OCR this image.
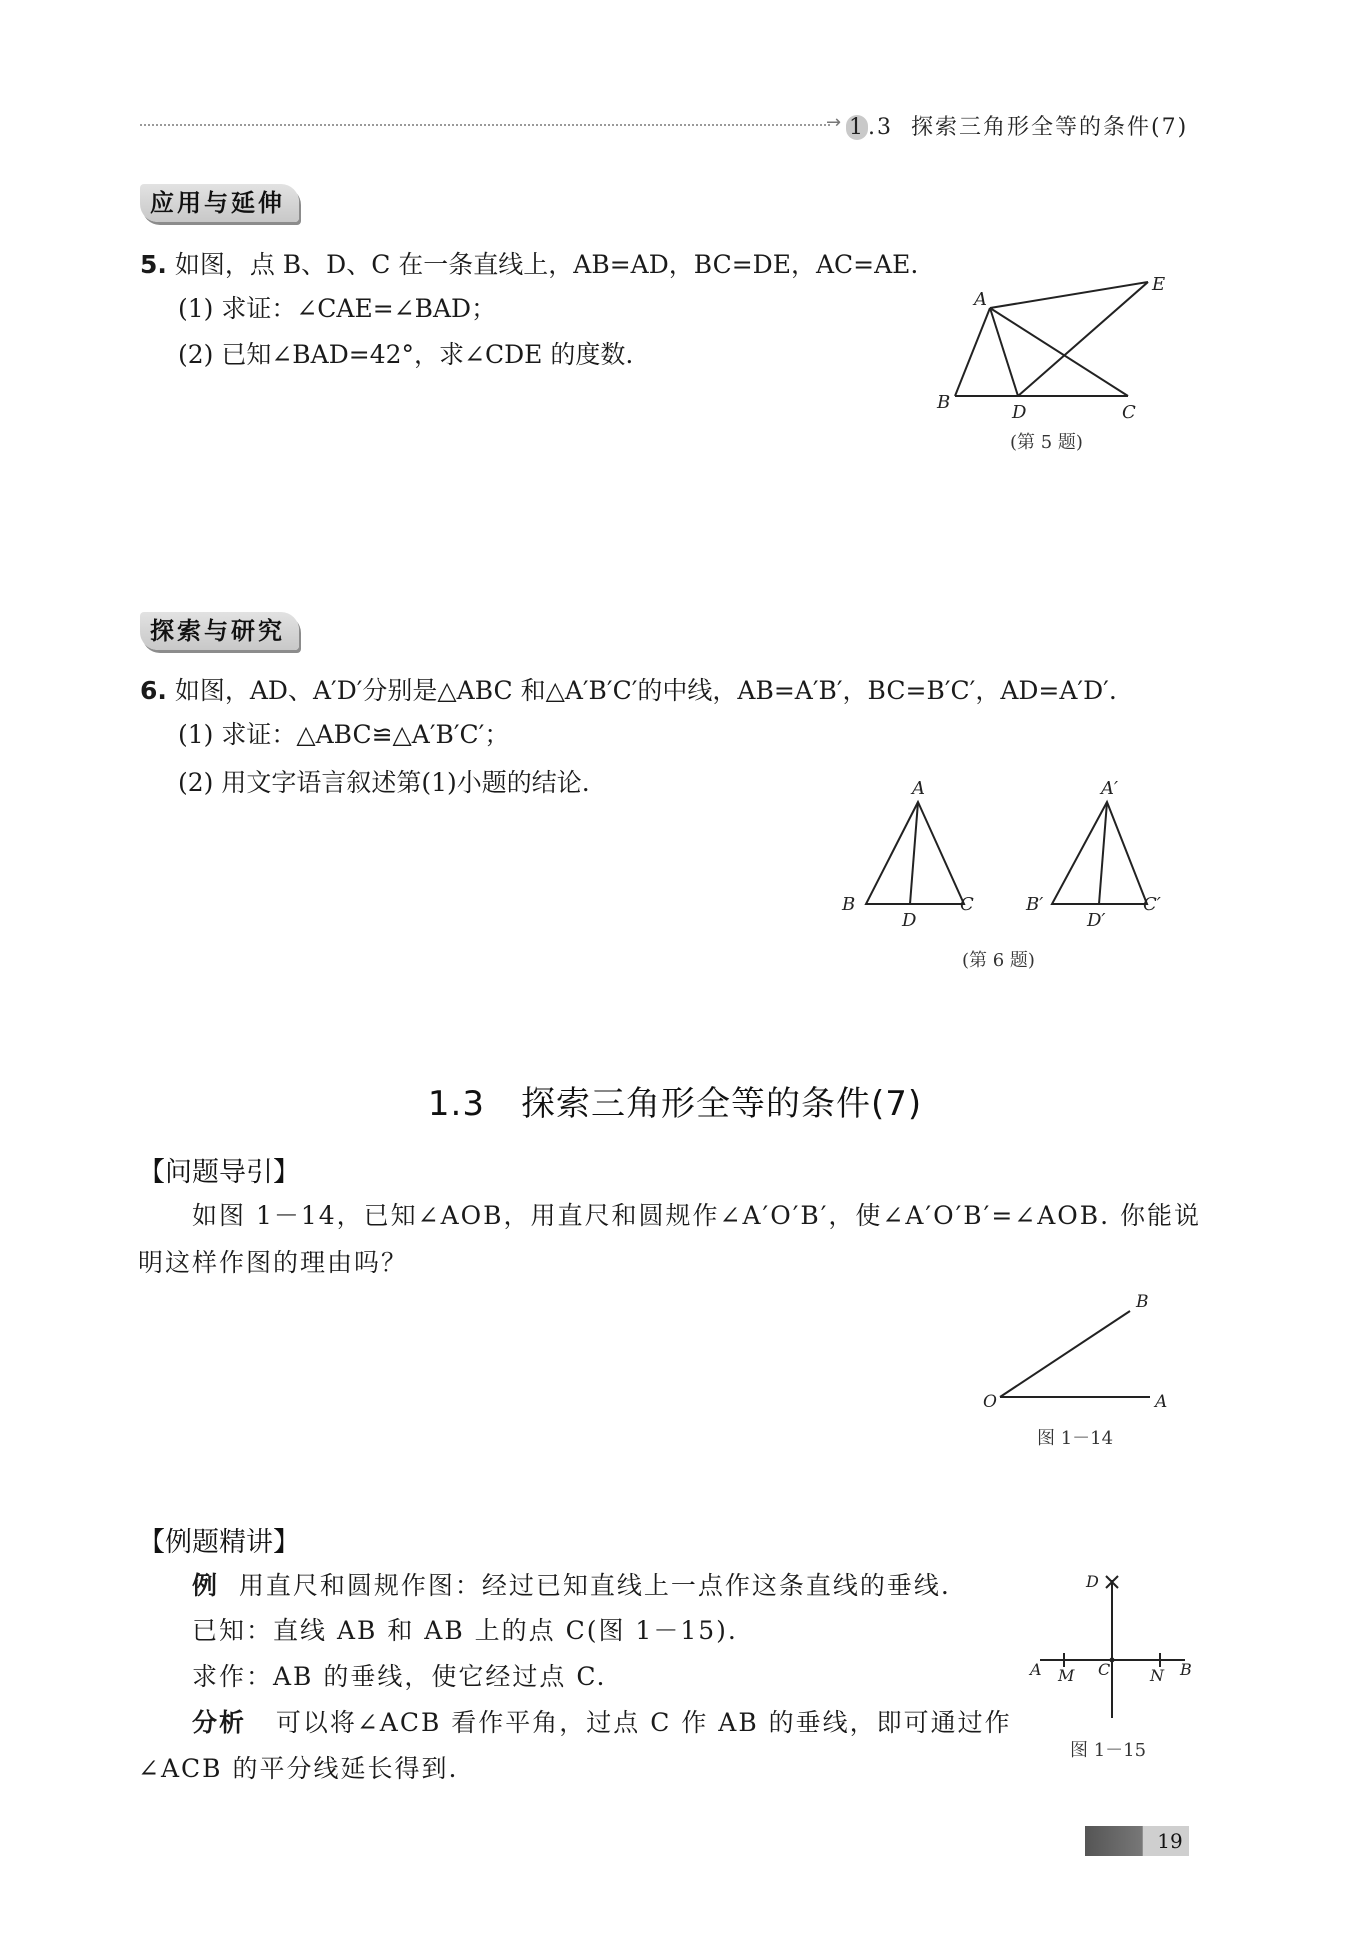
→ 1 .3 探索三角形全等的条件(7)
应用与延伸
5. 如图，点 B、D、C 在一条直线上，AB=AD，BC=DE，AC=AE.
(1) 求证：∠CAE=∠BAD；
(2) 已知∠BAD=42°，求∠CDE 的度数.
A
E
B	D	C
(第 5 题)
探索与研究
6. 如图，AD、A′D′分别是△ABC 和△A′B′C′的中线，AB=A′B′，BC=B′C′，AD=A′D′.
(1) 求证：△ABC≌△A′B′C′；
(2) 用文字语言叙述第(1)小题的结论.	A
B
D
C
A′
B′
D′
C′
(第 6 题)
1.3 探索三角形全等的条件(7)
【问题导引】
如图 1－14，已知∠AOB，用直尺和圆规作∠A′O′B′，使∠A′O′B′=∠AOB. 你能说
明这样作图的理由吗？
O	A
B
图 1－14
【例题精讲】
例 用直尺和圆规作图：经过已知直线上一点作这条直线的垂线.
已知：直线 AB 和 AB 上的点 C(图 1－15).
求作：AB 的垂线，使它经过点 C.
分析 可以将∠ACB 看作平角，过点 C 作 AB 的垂线，即可通过作
∠ACB 的平分线延长得到.
D
A M C N B
图 1－15
19
